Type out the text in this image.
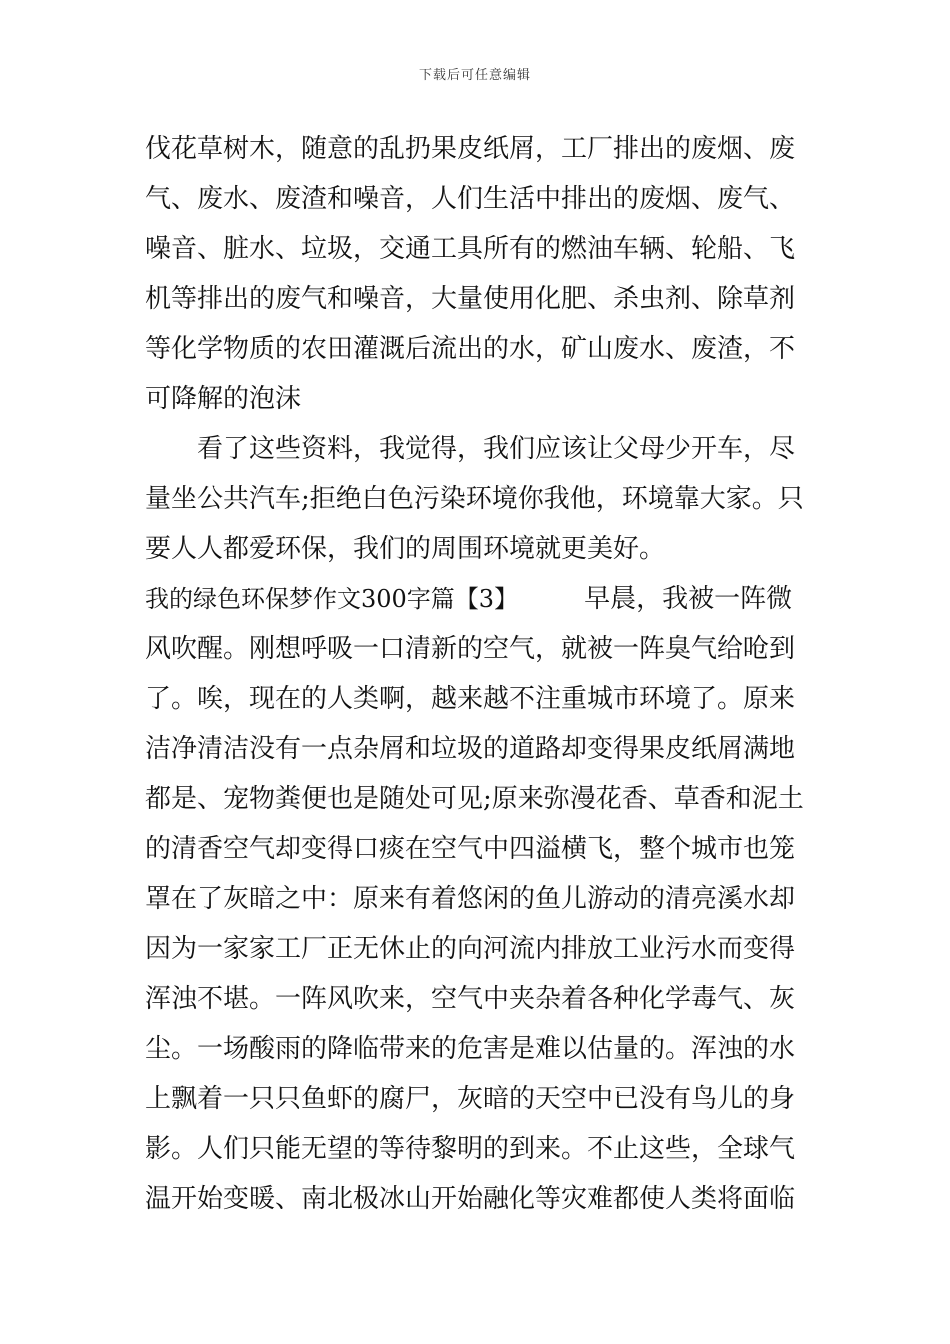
下载后可任意编辑
伐花草树木，随意的乱扔果皮纸屑，工厂排出的废烟、废
气、废水、废渣和噪音，人们生活中排出的废烟、废气、
噪音、脏水、垃圾，交通工具所有的燃油车辆、轮船、飞
机等排出的废气和噪音，大量使用化肥、杀虫剂、除草剂
等化学物质的农田灌溉后流出的水，矿山废水、废渣，不
可降解的泡沫
看了这些资料，我觉得，我们应该让父母少开车，尽
量坐公共汽车;拒绝白色污染环境你我他，环境靠大家。只
要人人都爱环保，我们的周围环境就更美好。
我的绿色环保梦作文300字篇【3】	早晨，我被一阵微
风吹醒。刚想呼吸一口清新的空气，就被一阵臭气给呛到
了。唉，现在的人类啊，越来越不注重城市环境了。原来
洁净清洁没有一点杂屑和垃圾的道路却变得果皮纸屑满地
都是、宠物粪便也是随处可见;原来弥漫花香、草香和泥土
的清香空气却变得口痰在空气中四溢横飞，整个城市也笼
罩在了灰暗之中：原来有着悠闲的鱼儿游动的清亮溪水却
因为一家家工厂正无休止的向河流内排放工业污水而变得
浑浊不堪。一阵风吹来，空气中夹杂着各种化学毒气、灰
尘。一场酸雨的降临带来的危害是难以估量的。浑浊的水
上飘着一只只鱼虾的腐尸，灰暗的天空中已没有鸟儿的身
影。人们只能无望的等待黎明的到来。不止这些，全球气
温开始变暖、南北极冰山开始融化等灾难都使人类将面临
